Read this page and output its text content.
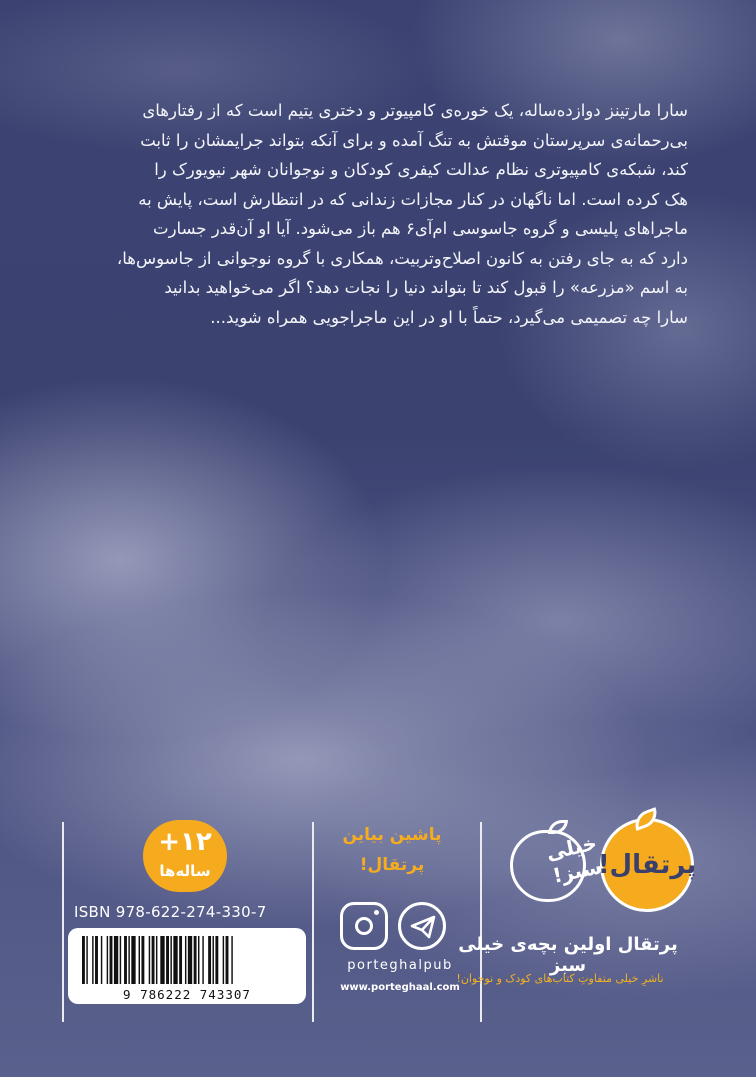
سارا مارتینز دوازده‌ساله، یک خوره‌ی کامپیوتر و دختری یتیم است که از رفتارهای

بی‌رحمانه‌ی سرپرستان موقتش به تنگ آمده و برای آنکه بتواند جرایمشان را ثابت

کند، شبکه‌ی کامپیوتری نظام عدالت کیفری کودکان و نوجوانان شهر نیویورک را

هک کرده است. اما ناگهان در کنار مجازات زندانی که در انتظارش است، پایش به

ماجراهای پلیسی و گروه جاسوسی ام‌آی۶ هم باز می‌شود. آیا او آن‌قدر جسارت

دارد که به جای رفتن به کانون اصلاح‌وتربیت، همکاری با گروه نوجوانی از جاسوس‌ها،

به اسم «مزرعه» را قبول کند تا بتواند دنیا را نجات دهد؟ اگر می‌خواهید بدانید

سارا چه تصمیمی می‌گیرد، حتماً با او در این ماجراجویی همراه شوید...

پرتقال!
خیلی سبز!
پرتقال اولین بچه‌ی خیلی سبز
ناشرِ خیلی متفاوتِ کتاب‌های کودک و نوجوان!
پاشین بیاین
پرتقال!
porteghalpub
www.porteghaal.com
+۱۲
ساله‌ها
ISBN 978-622-274-330-7
9 786222 743307
